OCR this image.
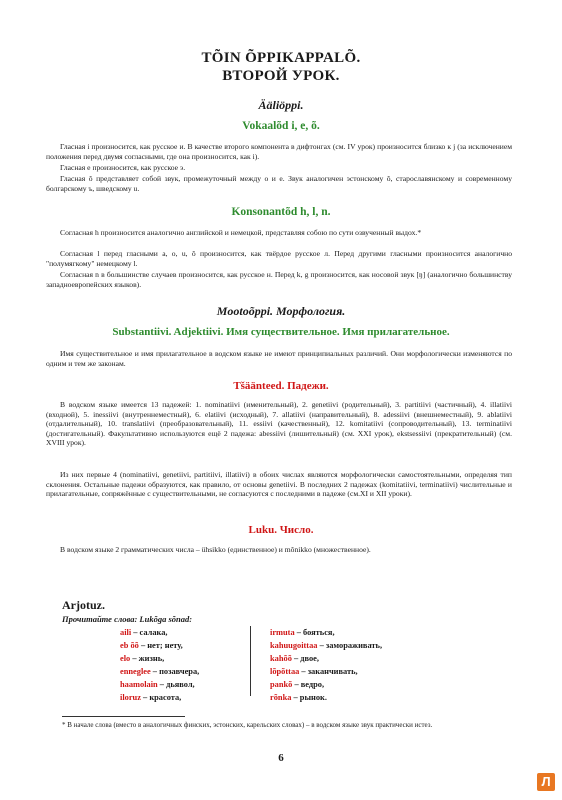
TÕIN ÕPPIKAPPALÕ.
ВТОРОЙ УРОК.
Ääliöppi.
Vokaalõd i, e, õ.
Гласная i произносится, как русское и. В качестве второго компонента в дифтонгах (см. IV урок) произносится близко к j (за исключением положения перед двумя согласными, где она произносится, как i).
Гласная e произносится, как русское э.
Гласная õ представляет собой звук, промежуточный между o и e. Звук аналогичен эстонскому õ, старославянскому и современному болгарскому ъ, шведскому u.
Konsonantõd h, l, n.
Согласная h произносится аналогично английской и немецкой, представляя собою по сути озвученный выдох.*
Согласная l перед гласными a, o, u, õ произносится, как твёрдое русское л. Перед другими гласными произносится аналогично "полумягкому" немецкому l.
Согласная n в большинстве случаев произносится, как русское н. Перед k, g произносится, как носовой звук [ŋ] (аналогично большинству западноевропейских языков).
Mootoõppi. Морфология.
Substantiivi. Adjektiivi. Имя существительное. Имя прилагательное.
Имя существительное и имя прилагательное в водском языке не имеют принципиальных различий. Они морфологически изменяются по одним и тем же законам.
Tšäänteed. Падежи.
В водском языке имеется 13 падежей: 1. nominatiivi (именительный), 2. genetiivi (родительный), 3. partitiivi (частичный), 4. illatiivi (входной), 5. inessiivi (внутреннеместный), 6. elatiivi (исходный), 7. allatiivi (направительный), 8. adessiivi (внешнеместный), 9. ablatiivi (отдалительный), 10. translatiivi (преобразовательный), 11. essiivi (качественный), 12. komitatiivi (сопроводительный), 13. terminatiivi (достигательный). Факультативно используются ещё 2 падежа: abessiivi (лишительный) (см. XXI урок), ekstsessiivi (прекратительный) (см. XVIII урок).
Из них первые 4 (nominatiivi, genetiivi, partitiivi, illatiivi) в обоих числах являются морфологически самостоятельными, определяя тип склонения. Остальные падежи образуются, как правило, от основы genetiivi. В последних 2 падежах (komitatiivi, terminatiivi) числительные и прилагательные, сопряжённые с существительными, не согласуются с последними в падеже (см.XI и XII уроки).
Luku. Число.
В водском языке 2 грамматических числа – ühsikko (единственное) и mõnikko (множественное).
Arjotuz.
Прочитайте слова: Lukõga sõnad:
aili – салака,
eb õõ – нет; нету,
elo – жизнь,
enneglee – позавчера,
haamolain – дьявол,
iloruz – красота,
irmuta – бояться,
kahuugoittaa – замораживать,
kahõõ – двое,
lõpõttaa – заканчивать,
pankõ – ведро,
rõnka – рынок.
* В начале слова (вместо в аналогичных финских, эстонских, карельских словах) – в водском языке звук практически истез.
6
Л
